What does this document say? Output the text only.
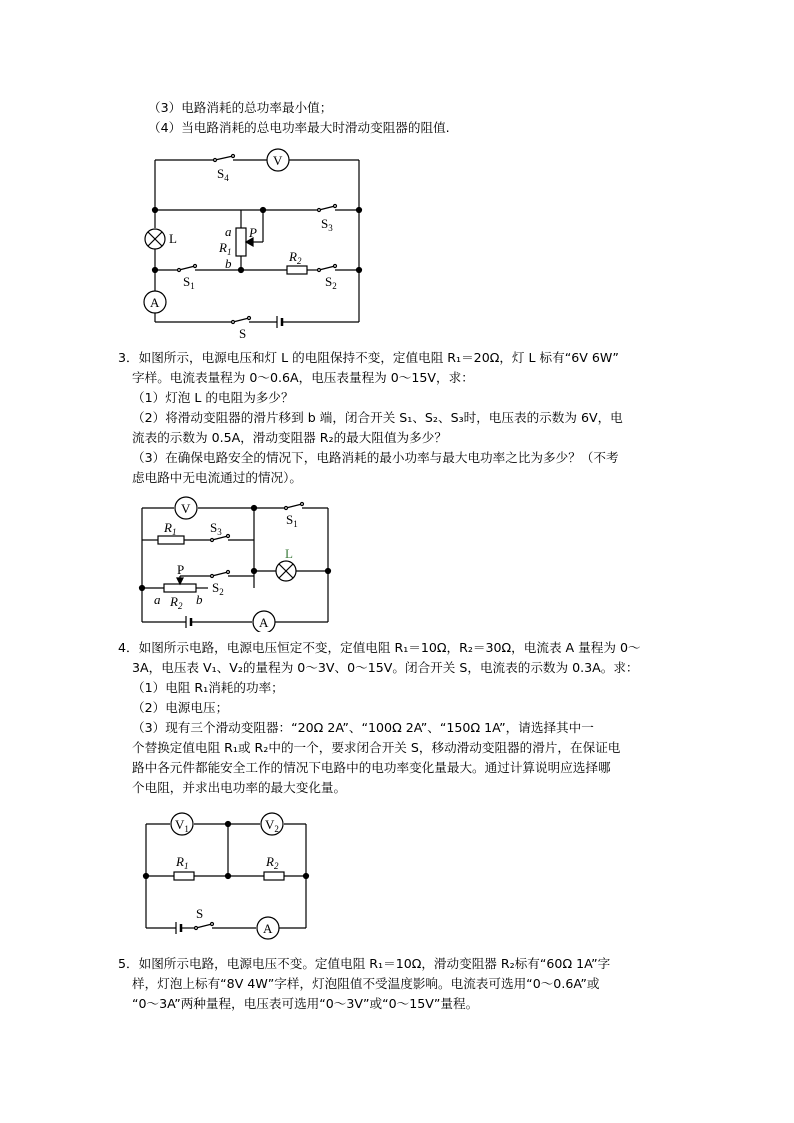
（3）电路消耗的总功率最小值；
（4）当电路消耗的总电功率最大时滑动变阻器的阻值.
$S_4$
V
$S_3$
L	a
$R_1$
P
b	$R_2$
$S_1$	$S_2$
A
S
3．如图所示，电源电压和灯 L 的电阻保持不变，定值电阻 R₁＝20Ω，灯 L 标有“6V 6W”
字样。电流表量程为 0～0.6A，电压表量程为 0～15V，求：
（1）灯泡 L 的电阻为多少？
（2）将滑动变阻器的滑片移到 b 端，闭合开关 S₁、S₂、S₃时，电压表的示数为 6V，电
流表的示数为 0.5A，滑动变阻器 R₂的最大阻值为多少？
（3）在确保电路安全的情况下，电路消耗的最小功率与最大电功率之比为多少？（不考
虑电路中无电流通过的情况）。
V
$R_1$	$S_3$
$S_1$
L
P
$S_2$
a $R_2$ b
A
4．如图所示电路，电源电压恒定不变，定值电阻 R₁＝10Ω，R₂＝30Ω，电流表 A 量程为 0～
3A，电压表 V₁、V₂的量程为 0～3V、0～15V。闭合开关 S，电流表的示数为 0.3A。求：
（1）电阻 R₁消耗的功率；
（2）电源电压；
（3）现有三个滑动变阻器：“20Ω 2A”、“100Ω 2A”、“150Ω 1A”，请选择其中一
个替换定值电阻 R₁或 R₂中的一个，要求闭合开关 S，移动滑动变阻器的滑片，在保证电
路中各元件都能安全工作的情况下电路中的电功率变化量最大。通过计算说明应选择哪
个电阻，并求出电功率的最大变化量。
$V_1$	$V_2$
$R_1$	$R_2$
S
A
5．如图所示电路，电源电压不变。定值电阻 R₁＝10Ω，滑动变阻器 R₂标有“60Ω 1A”字
样，灯泡上标有“8V 4W”字样，灯泡阻值不受温度影响。电流表可选用“0～0.6A”或
“0～3A”两种量程，电压表可选用“0～3V”或“0～15V”量程。
